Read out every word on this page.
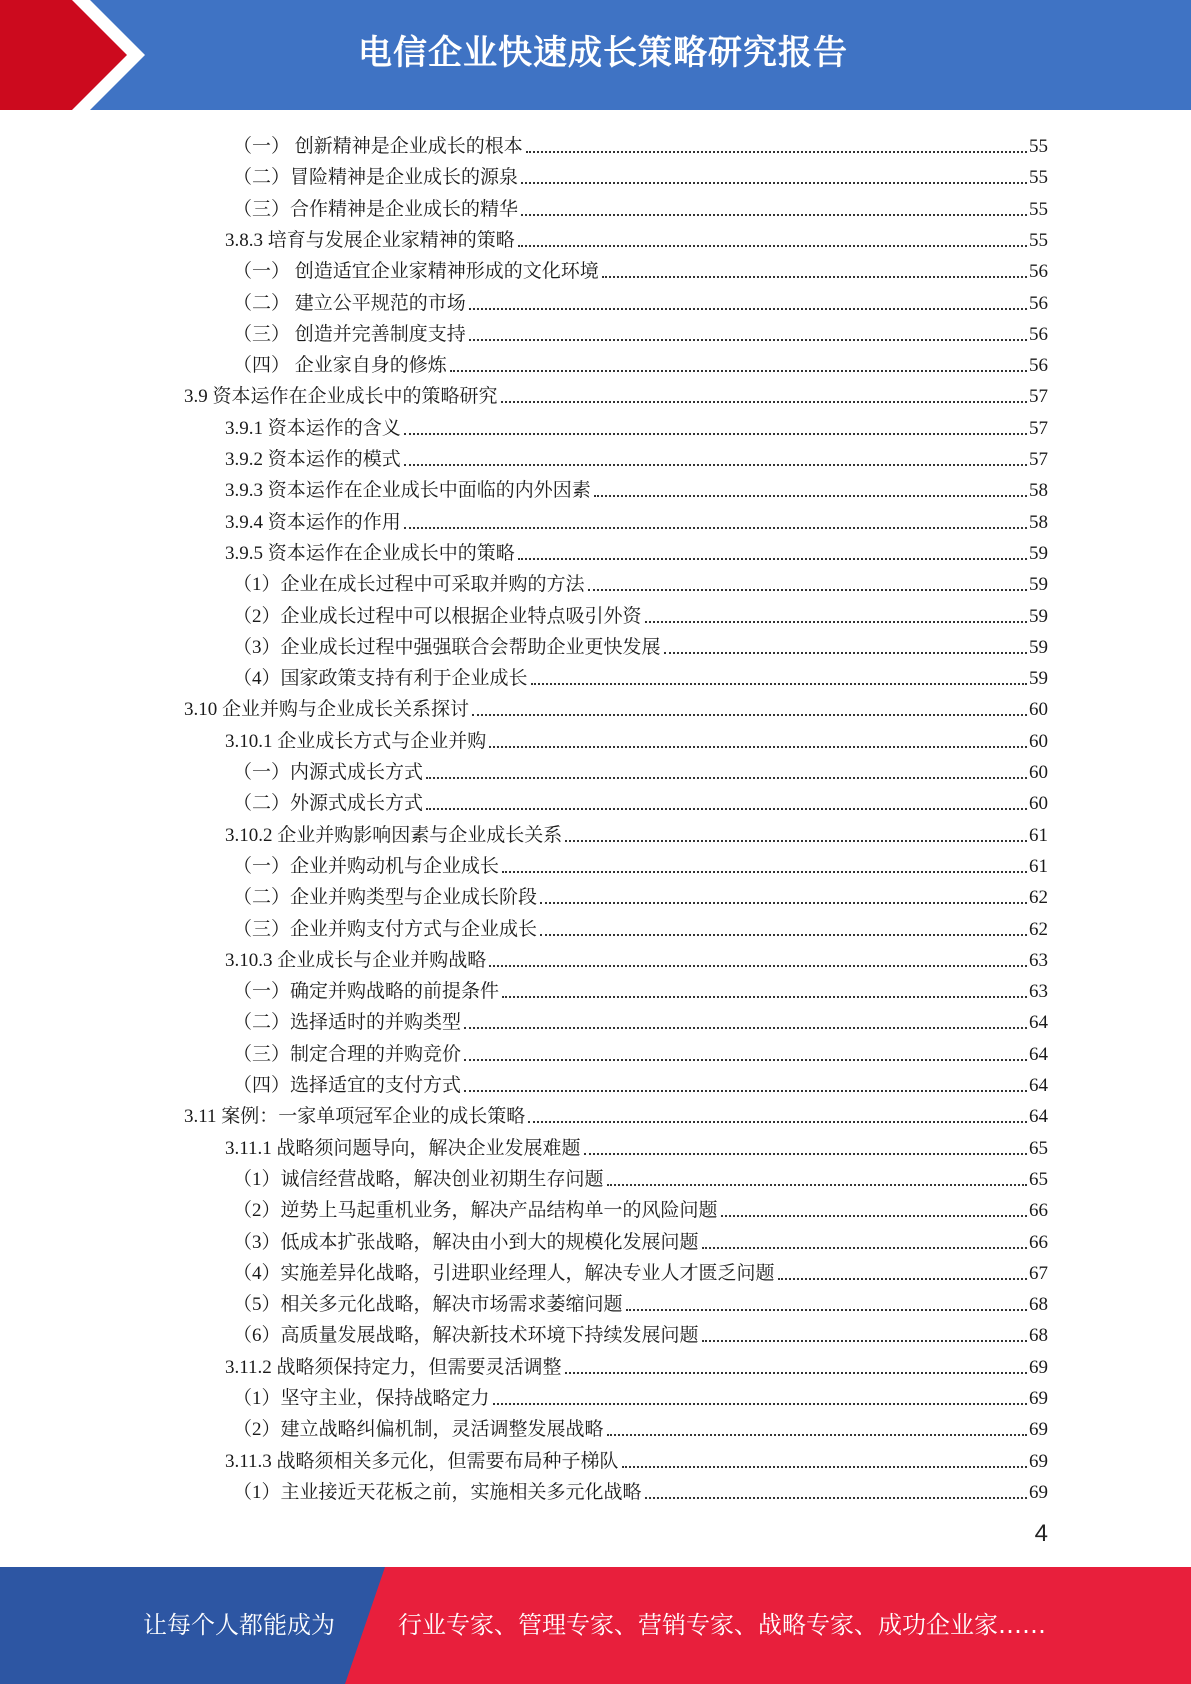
电信企业快速成长策略研究报告
（一） 创新精神是企业成长的根本	55
（二）冒险精神是企业成长的源泉	55
（三）合作精神是企业成长的精华	55
3.8.3 培育与发展企业家精神的策略	55
（一） 创造适宜企业家精神形成的文化环境	56
（二） 建立公平规范的市场	56
（三） 创造并完善制度支持	56
（四） 企业家自身的修炼	56
3.9 资本运作在企业成长中的策略研究	57
3.9.1 资本运作的含义	57
3.9.2 资本运作的模式	57
3.9.3 资本运作在企业成长中面临的内外因素	58
3.9.4 资本运作的作用	58
3.9.5 资本运作在企业成长中的策略	59
（1）企业在成长过程中可采取并购的方法	59
（2）企业成长过程中可以根据企业特点吸引外资	59
（3）企业成长过程中强强联合会帮助企业更快发展	59
（4）国家政策支持有利于企业成长	59
3.10 企业并购与企业成长关系探讨	60
3.10.1 企业成长方式与企业并购	60
（一）内源式成长方式	60
（二）外源式成长方式	60
3.10.2 企业并购影响因素与企业成长关系	61
（一）企业并购动机与企业成长	61
（二）企业并购类型与企业成长阶段	62
（三）企业并购支付方式与企业成长	62
3.10.3 企业成长与企业并购战略	63
（一）确定并购战略的前提条件	63
（二）选择适时的并购类型	64
（三）制定合理的并购竞价	64
（四）选择适宜的支付方式	64
3.11 案例：一家单项冠军企业的成长策略	64
3.11.1 战略须问题导向，解决企业发展难题	65
（1）诚信经营战略，解决创业初期生存问题	65
（2）逆势上马起重机业务，解决产品结构单一的风险问题	66
（3）低成本扩张战略，解决由小到大的规模化发展问题	66
（4）实施差异化战略，引进职业经理人，解决专业人才匮乏问题	67
（5）相关多元化战略，解决市场需求萎缩问题	68
（6）高质量发展战略，解决新技术环境下持续发展问题	68
3.11.2 战略须保持定力，但需要灵活调整	69
（1）坚守主业，保持战略定力	69
（2）建立战略纠偏机制，灵活调整发展战略	69
3.11.3 战略须相关多元化，但需要布局种子梯队	69
（1）主业接近天花板之前，实施相关多元化战略	69
4
让每个人都能成为	行业专家、管理专家、营销专家、战略专家、成功企业家……
